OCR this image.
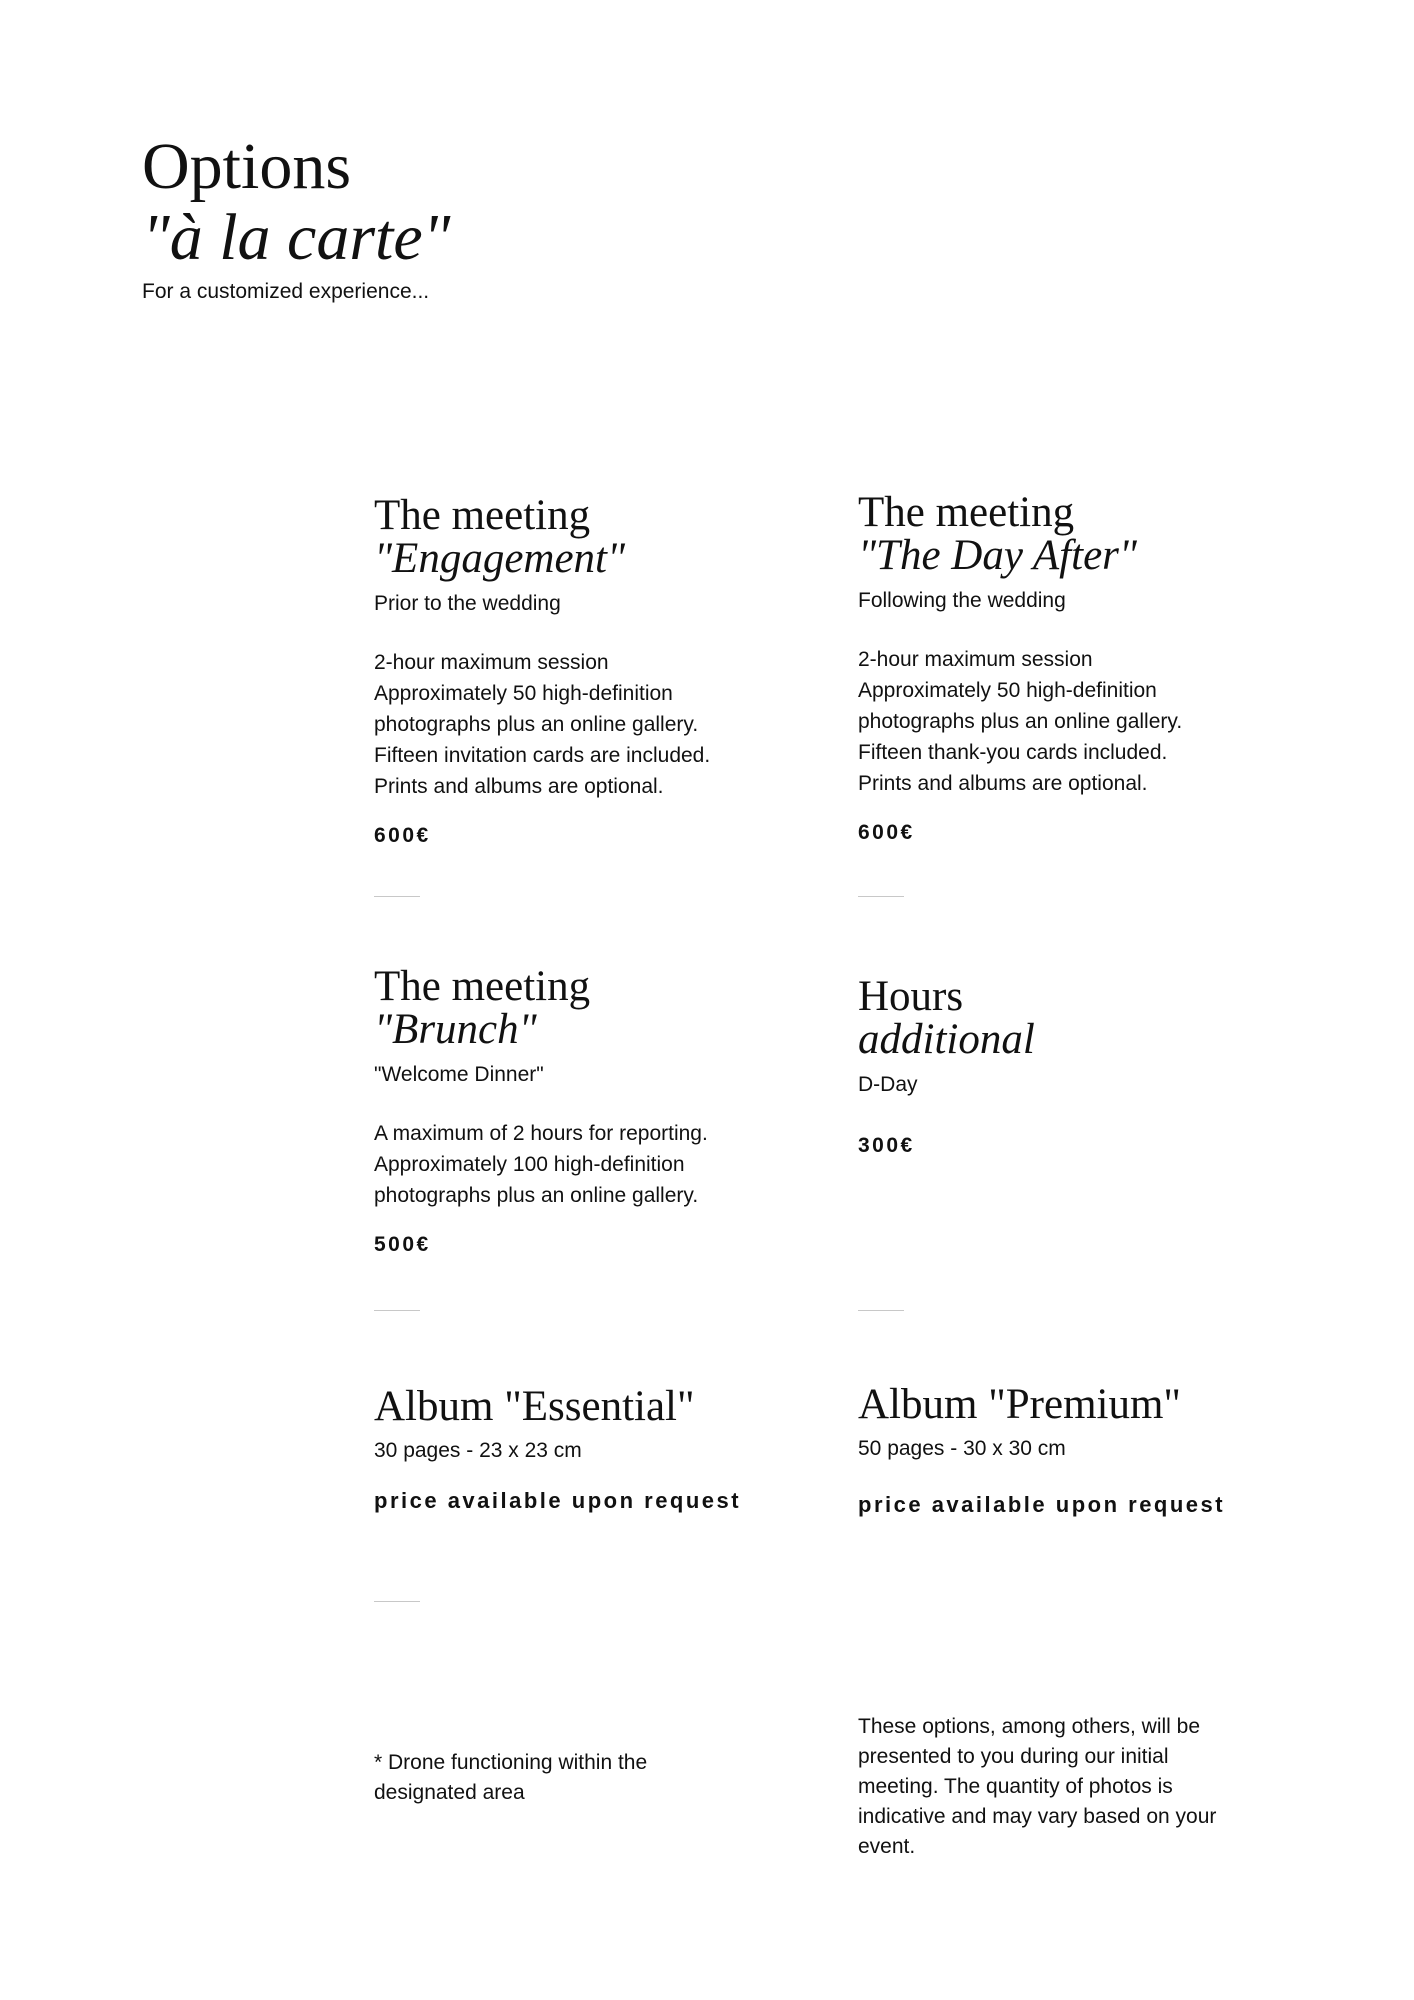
Options
"à la carte"
For a customized experience...
The meeting
"Engagement"
Prior to the wedding
2-hour maximum session
Approximately 50 high-definition
photographs plus an online gallery.
Fifteen invitation cards are included.
Prints and albums are optional.
600€
The meeting
"The Day After"
Following the wedding
2-hour maximum session
Approximately 50 high-definition
photographs plus an online gallery.
Fifteen thank-you cards included.
Prints and albums are optional.
600€
The meeting
"Brunch"
"Welcome Dinner"
A maximum of 2 hours for reporting.
Approximately 100 high-definition
photographs plus an online gallery.
500€
Hours
additional
D-Day
300€
Album "Essential"
30 pages - 23 x 23 cm
price available upon request
Album "Premium"
50 pages - 30 x 30 cm
price available upon request
* Drone functioning within the
designated area
These options, among others, will be
presented to you during our initial
meeting. The quantity of photos is
indicative and may vary based on your
event.
